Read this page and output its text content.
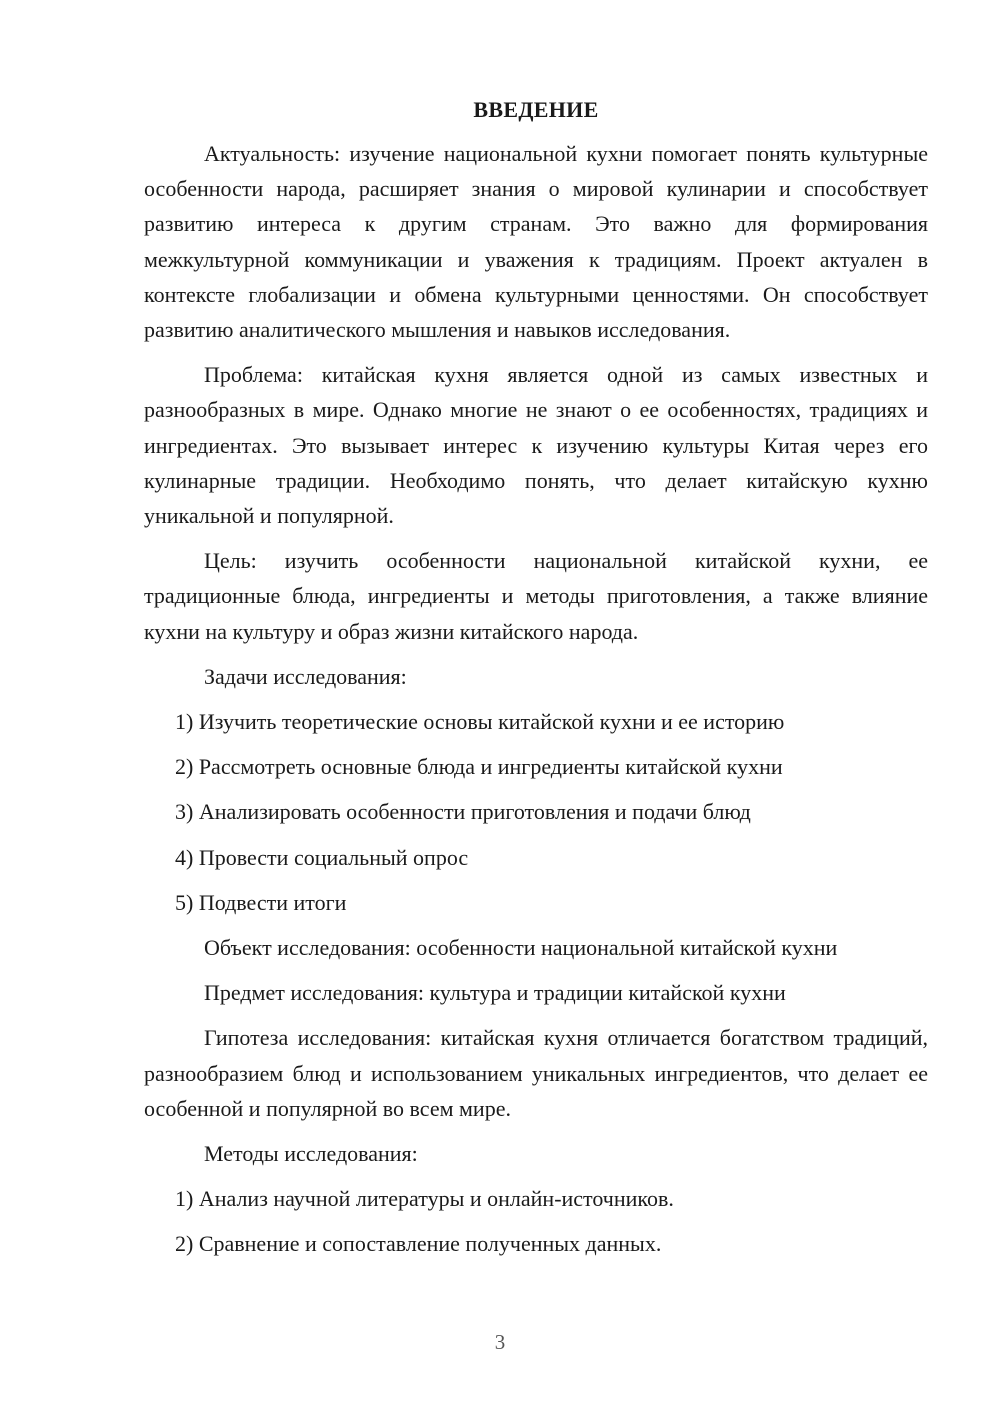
ВВЕДЕНИЕ

Актуальность: изучение национальной кухни помогает понять культурные особенности народа, расширяет знания о мировой кулинарии и способствует развитию интереса к другим странам. Это важно для формирования межкультурной коммуникации и уважения к традициям. Проект актуален в контексте глобализации и обмена культурными ценностями. Он способствует развитию аналитического мышления и навыков исследования.

Проблема: китайская кухня является одной из самых известных и разнообразных в мире. Однако многие не знают о ее особенностях, традициях и ингредиентах. Это вызывает интерес к изучению культуры Китая через его кулинарные традиции. Необходимо понять, что делает китайскую кухню уникальной и популярной.

Цель: изучить особенности национальной китайской кухни, ее традиционные блюда, ингредиенты и методы приготовления, а также влияние кухни на культуру и образ жизни китайского народа.

Задачи исследования:
1) Изучить теоретические основы китайской кухни и ее историю
2) Рассмотреть основные блюда и ингредиенты китайской кухни
3) Анализировать особенности приготовления и подачи блюд
4) Провести социальный опрос
5) Подвести итоги
Объект исследования: особенности национальной китайской кухни
Предмет исследования: культура и традиции китайской кухни

Гипотеза исследования: китайская кухня отличается богатством традиций, разнообразием блюд и использованием уникальных ингредиентов, что делает ее особенной и популярной во всем мире.

Методы исследования:
1) Анализ научной литературы и онлайн-источников.
2) Сравнение и сопоставление полученных данных.
3
